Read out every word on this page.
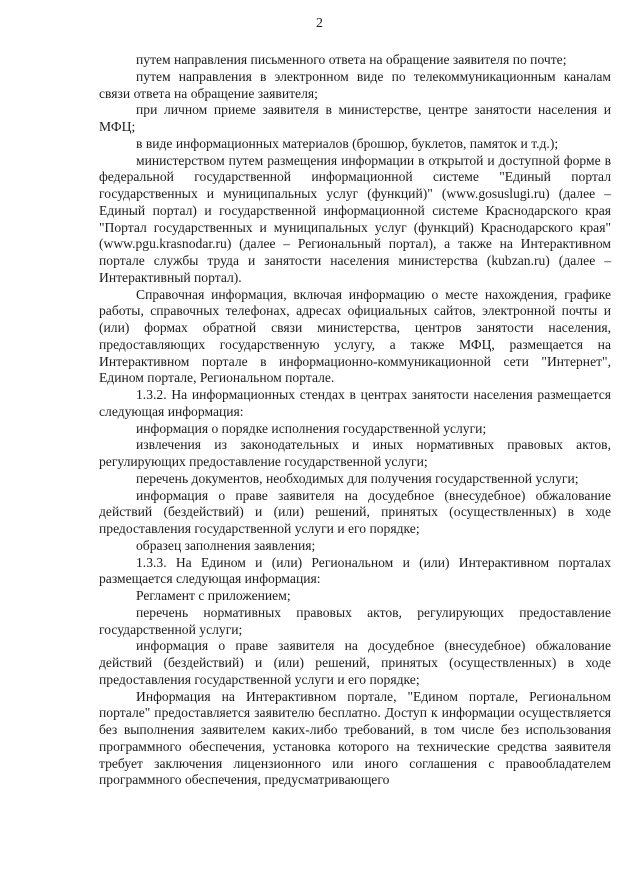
2

путем направления письменного ответа на обращение заявителя по почте;

путем направления в электронном виде по телекоммуникационным каналам связи ответа на обращение заявителя;

при личном приеме заявителя в министерстве, центре занятости населения и МФЦ;

в виде информационных материалов (брошюр, буклетов, памяток и т.д.);

министерством путем размещения информации в открытой и доступной форме в федеральной государственной информационной системе "Единый портал государственных и муниципальных услуг (функций)" (www.gosuslugi.ru) (далее – Единый портал) и государственной информационной системе Краснодарского края "Портал государственных и муниципальных услуг (функций) Краснодарского края" (www.pgu.krasnodar.ru) (далее – Региональный портал), а также на Интерактивном портале службы труда и занятости населения министерства (kubzan.ru) (далее – Интерактивный портал).

Справочная информация, включая информацию о месте нахождения, графике работы, справочных телефонах, адресах официальных сайтов, электронной почты и (или) формах обратной связи министерства, центров занятости населения, предоставляющих государственную услугу, а также МФЦ, размещается на Интерактивном портале в информационно-коммуникационной сети "Интернет", Едином портале, Региональном портале.

1.3.2. На информационных стендах в центрах занятости населения размещается следующая информация:

информация о порядке исполнения государственной услуги;

извлечения из законодательных и иных нормативных правовых актов, регулирующих предоставление государственной услуги;

перечень документов, необходимых для получения государственной услуги;

информация о праве заявителя на досудебное (внесудебное) обжалование действий (бездействий) и (или) решений, принятых (осуществленных) в ходе предоставления государственной услуги и его порядке;

образец заполнения заявления;

1.3.3. На Едином и (или) Региональном и (или) Интерактивном порталах размещается следующая информация:

Регламент с приложением;

перечень нормативных правовых актов, регулирующих предоставление государственной услуги;

информация о праве заявителя на досудебное (внесудебное) обжалование действий (бездействий) и (или) решений, принятых (осуществленных) в ходе предоставления государственной услуги и его порядке;

Информация на Интерактивном портале, "Едином портале, Региональном портале" предоставляется заявителю бесплатно. Доступ к информации осуществляется без выполнения заявителем каких-либо требований, в том числе без использования программного обеспечения, установка которого на технические средства заявителя требует заключения лицензионного или иного соглашения с правообладателем программного обеспечения, предусматривающего
